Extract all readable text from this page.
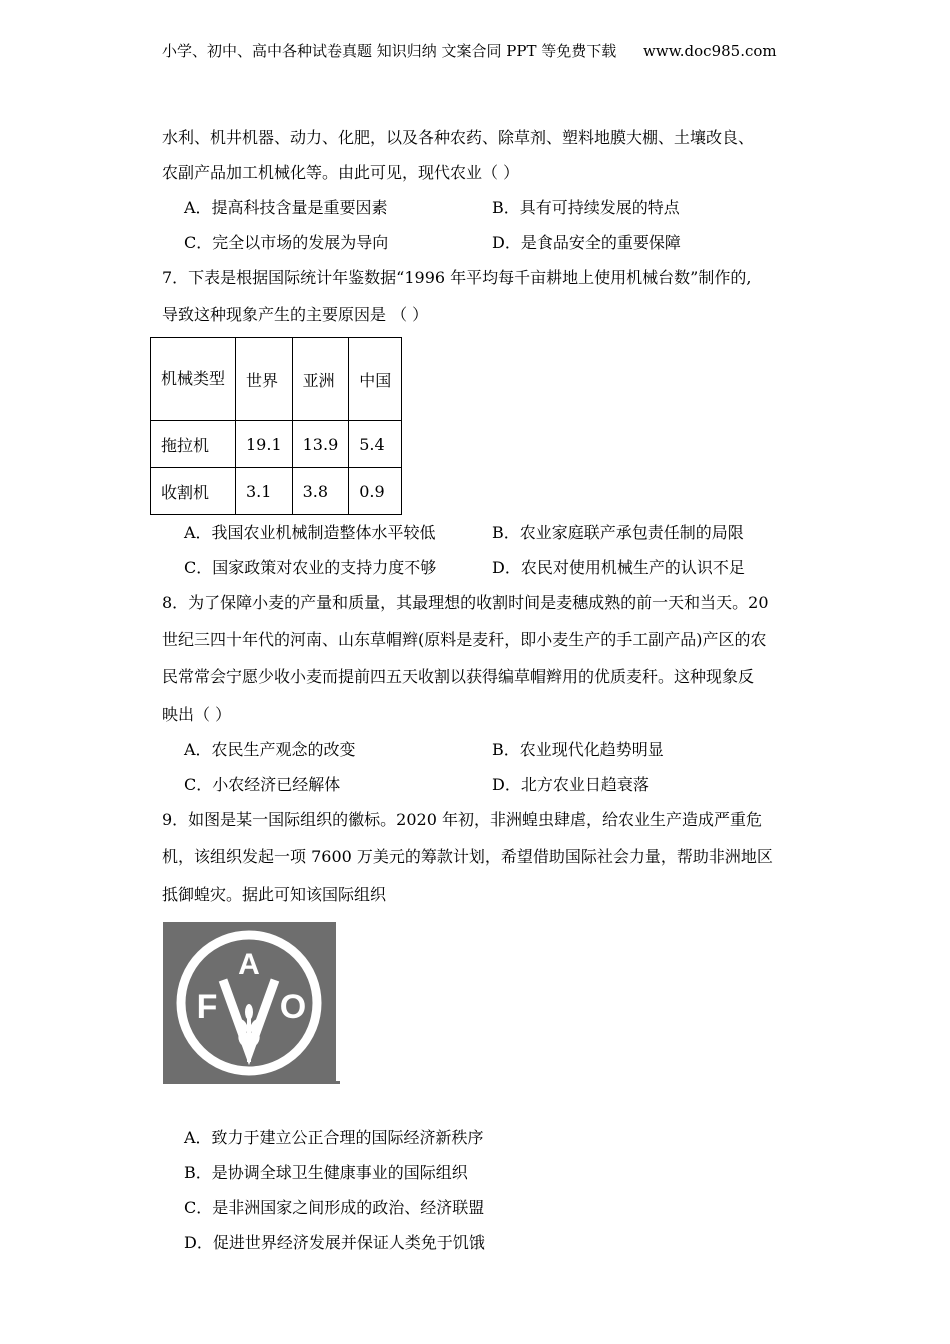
小学、初中、高中各种试卷真题 知识归纳 文案合同 PPT 等免费下载 www.doc985.com
水利、机井机器、动力、化肥，以及各种农药、除草剂、塑料地膜大棚、土壤改良、
农副产品加工机械化等。由此可见，现代农业（ ）
A．提高科技含量是重要因素	B．具有可持续发展的特点
C．完全以市场的发展为导向	D．是食品安全的重要保障
7．下表是根据国际统计年鉴数据“1996 年平均每千亩耕地上使用机械台数”制作的,
导致这种现象产生的主要原因是 （ ）
机械类型	世界	亚洲	中国
拖拉机	19.1	13.9	5.4
收割机	3.1	3.8	0.9
A．我国农业机械制造整体水平较低	B．农业家庭联产承包责任制的局限
C．国家政策对农业的支持力度不够	D．农民对使用机械生产的认识不足
8．为了保障小麦的产量和质量，其最理想的收割时间是麦穗成熟的前一天和当天。20
世纪三四十年代的河南、山东草帽辫(原料是麦秆，即小麦生产的手工副产品)产区的农
民常常会宁愿少收小麦而提前四五天收割以获得编草帽辫用的优质麦秆。这种现象反
映出（ ）
A．农民生产观念的改变	B．农业现代化趋势明显
C．小农经济已经解体	D．北方农业日趋衰落
9．如图是某一国际组织的徽标。2020 年初，非洲蝗虫肆虐，给农业生产造成严重危
机，该组织发起一项 7600 万美元的筹款计划，希望借助国际社会力量，帮助非洲地区
抵御蝗灾。据此可知该国际组织
A
F O
A．致力于建立公正合理的国际经济新秩序
B．是协调全球卫生健康事业的国际组织
C．是非洲国家之间形成的政治、经济联盟
D．促进世界经济发展并保证人类免于饥饿
